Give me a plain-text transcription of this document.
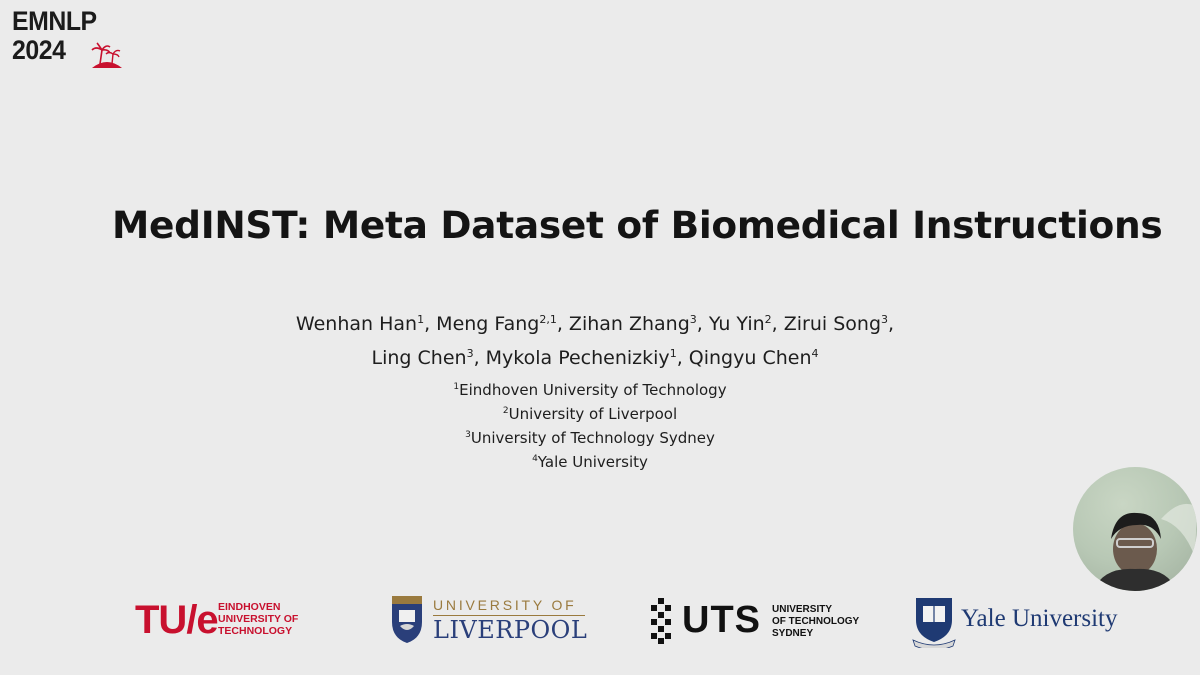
EMNLP
2024
MedINST: Meta Dataset of Biomedical Instructions
Wenhan Han$^1$, Meng Fang$^{2,1}$, Zihan Zhang$^3$, Yu Yin$^2$, Zirui Song$^3$,
Ling Chen$^3$, Mykola Pechenizkiy$^1$, Qingyu Chen$^4$
$^1$Eindhoven University of Technology
$^2$University of Liverpool
$^3$University of Technology Sydney
$^4$Yale University
TU/e EINDHOVEN
UNIVERSITY OF
TECHNOLOGY
UNIVERSITY OF
LIVERPOOL UTS UNIVERSITY
OF TECHNOLOGY
SYDNEY
Yale University
